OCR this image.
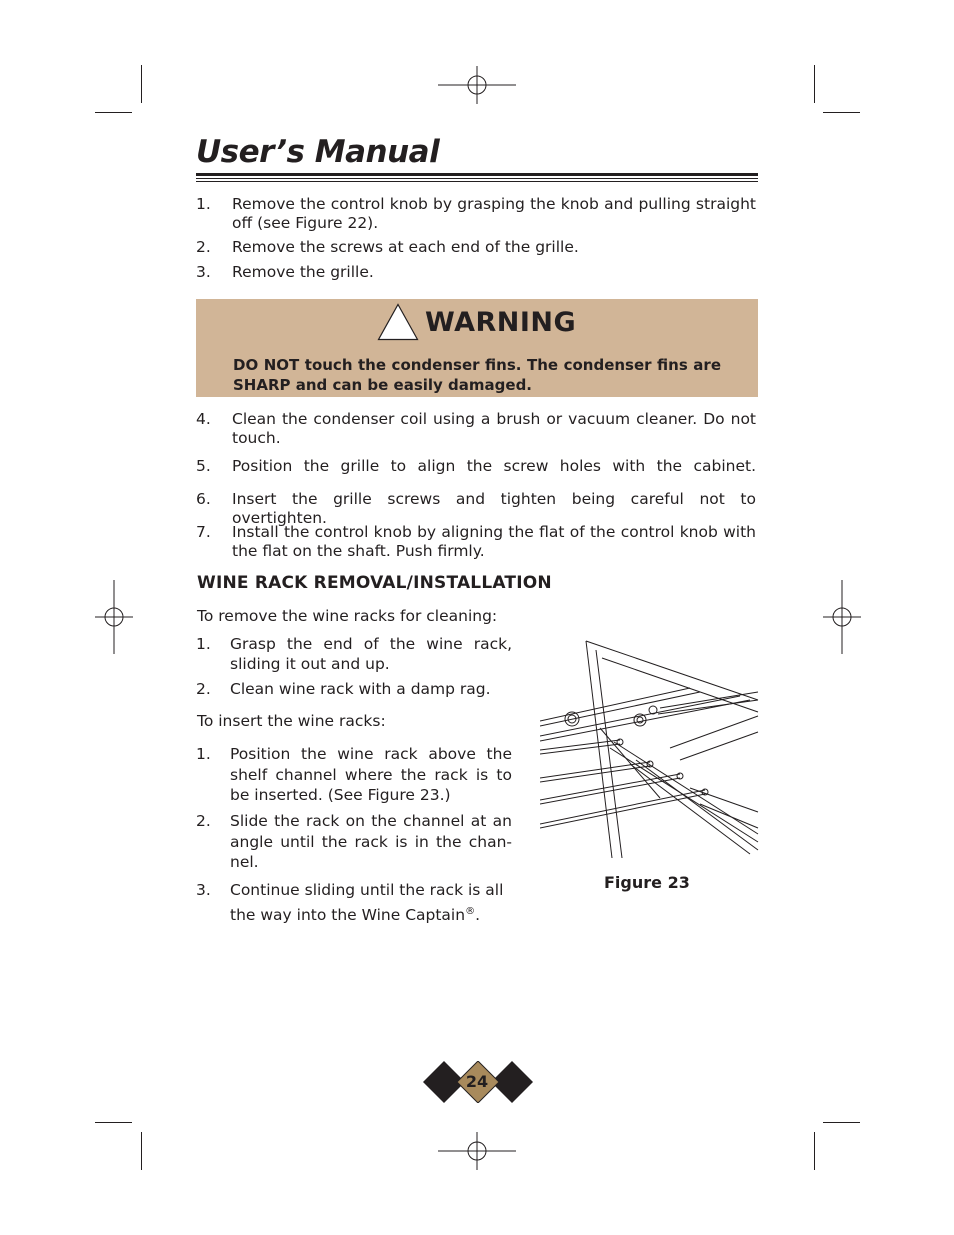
User’s Manual
1.	Remove the control knob by grasping the knob and pulling straight off (see Figure 22).
2.	Remove the screws at each end of the grille.
3.	Remove the grille.
WARNING
DO NOT touch the condenser fins. The condenser fins are SHARP and can be easily damaged.
4.	Clean the condenser coil using a brush or vacuum cleaner. Do not touch.
5.	Position the grille to align the screw holes with the cabinet.
6.	Insert the grille screws and tighten being careful not to overtighten.
7.	Install the control knob by aligning the flat of the control knob with the flat on the shaft. Push firmly.
WINE RACK REMOVAL/INSTALLATION
To remove the wine racks for cleaning:
1.	Grasp the end of the wine rack, sliding it out and up.
2.	Clean wine rack with a damp rag.
To insert the wine racks:
1.	Position the wine rack above the shelf channel where the rack is to be inserted. (See Figure 23.)
2.	Slide the rack on the channel at an angle until the rack is in the chan-nel.
3.	Continue sliding until the rack is all the way into the Wine Captain®.
Figure 23
24
